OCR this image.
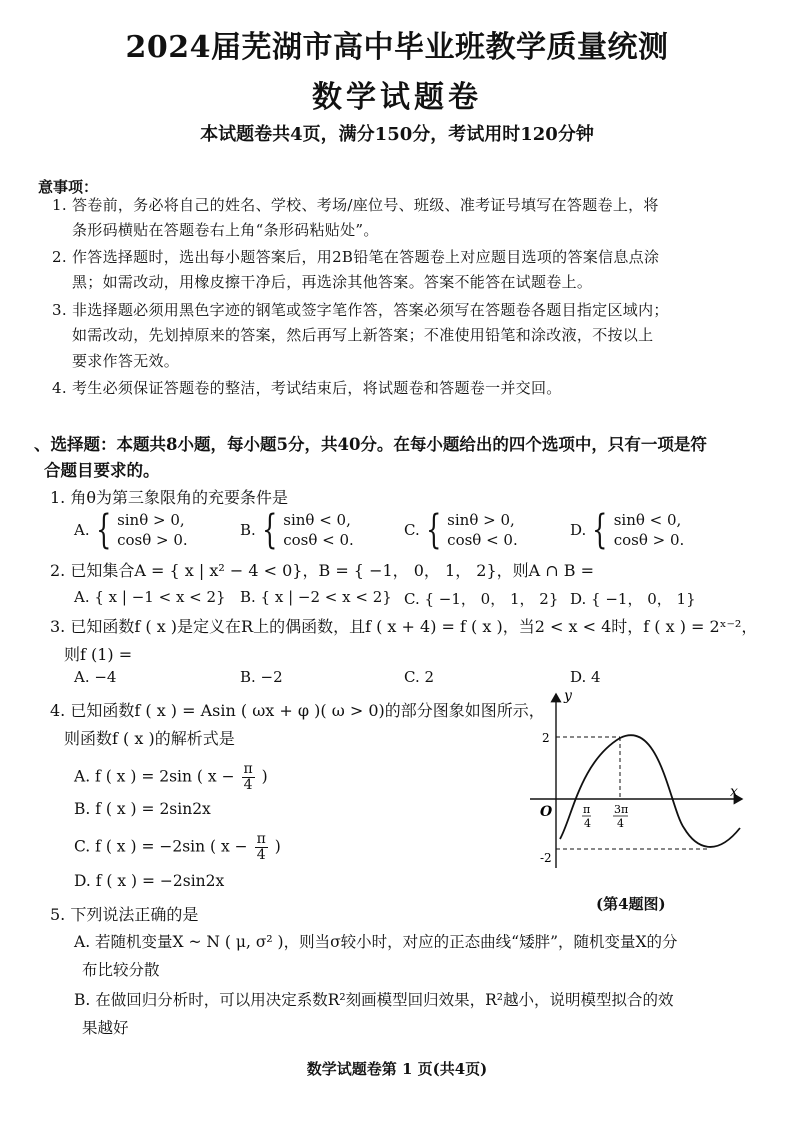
2024届芜湖市高中毕业班教学质量统测
数学试题卷
本试题卷共4页，满分150分，考试用时120分钟
意事项：
1. 答卷前，务必将自己的姓名、学校、考场/座位号、班级、准考证号填写在答题卷上，将
条形码横贴在答题卷右上角“条形码粘贴处”。
2. 作答选择题时，选出每小题答案后，用2B铅笔在答题卷上对应题目选项的答案信息点涂
黑；如需改动，用橡皮擦干净后，再选涂其他答案。答案不能答在试题卷上。
3. 非选择题必须用黑色字迹的钢笔或签字笔作答，答案必须写在答题卷各题目指定区域内；
如需改动，先划掉原来的答案，然后再写上新答案；不准使用铅笔和涂改液，不按以上
要求作答无效。
4. 考生必须保证答题卷的整洁，考试结束后，将试题卷和答题卷一并交回。
、选择题：本题共8小题，每小题5分，共40分。在每小题给出的四个选项中，只有一项是符
合题目要求的。
1. 角θ为第三象限角的充要条件是
A. { sinθ > 0,
cosθ > 0.
B. { sinθ < 0,
cosθ < 0.
C. { sinθ > 0,
cosθ < 0.
D. { sinθ < 0,
cosθ > 0.
2. 已知集合A = { x | x² − 4 < 0}，B = { −1， 0， 1， 2}，则A ∩ B =
A. { x | −1 < x < 2} B. { x | −2 < x < 2} C. { −1， 0， 1， 2} D. { −1， 0， 1}
3. 已知函数f ( x )是定义在R上的偶函数，且f ( x + 4) = f ( x )，当2 < x < 4时，f ( x ) = 2ˣ⁻²，
则f (1) =
A. −4	B. −2	C. 2	D. 4
4. 已知函数f ( x ) = Asin ( ωx + φ )( ω > 0)的部分图象如图所示，
则函数f ( x )的解析式是
A. f ( x ) = 2sin ( $x - \frac{\pi}{4}$ )
B. f ( x ) = 2sin2x
C. f ( x ) = −2sin ( $x - \frac{\pi}{4}$ )
D. f ( x ) = −2sin2x
y
x
O
2
-2
π
4
3π
4
(第4题图)
5. 下列说法正确的是
A. 若随机变量X ~ N ( μ, σ² )，则当σ较小时，对应的正态曲线“矮胖”，随机变量X的分
布比较分散
B. 在做回归分析时，可以用决定系数R²刻画模型回归效果，R²越小，说明模型拟合的效
果越好
数学试题卷第 1 页(共4页)
